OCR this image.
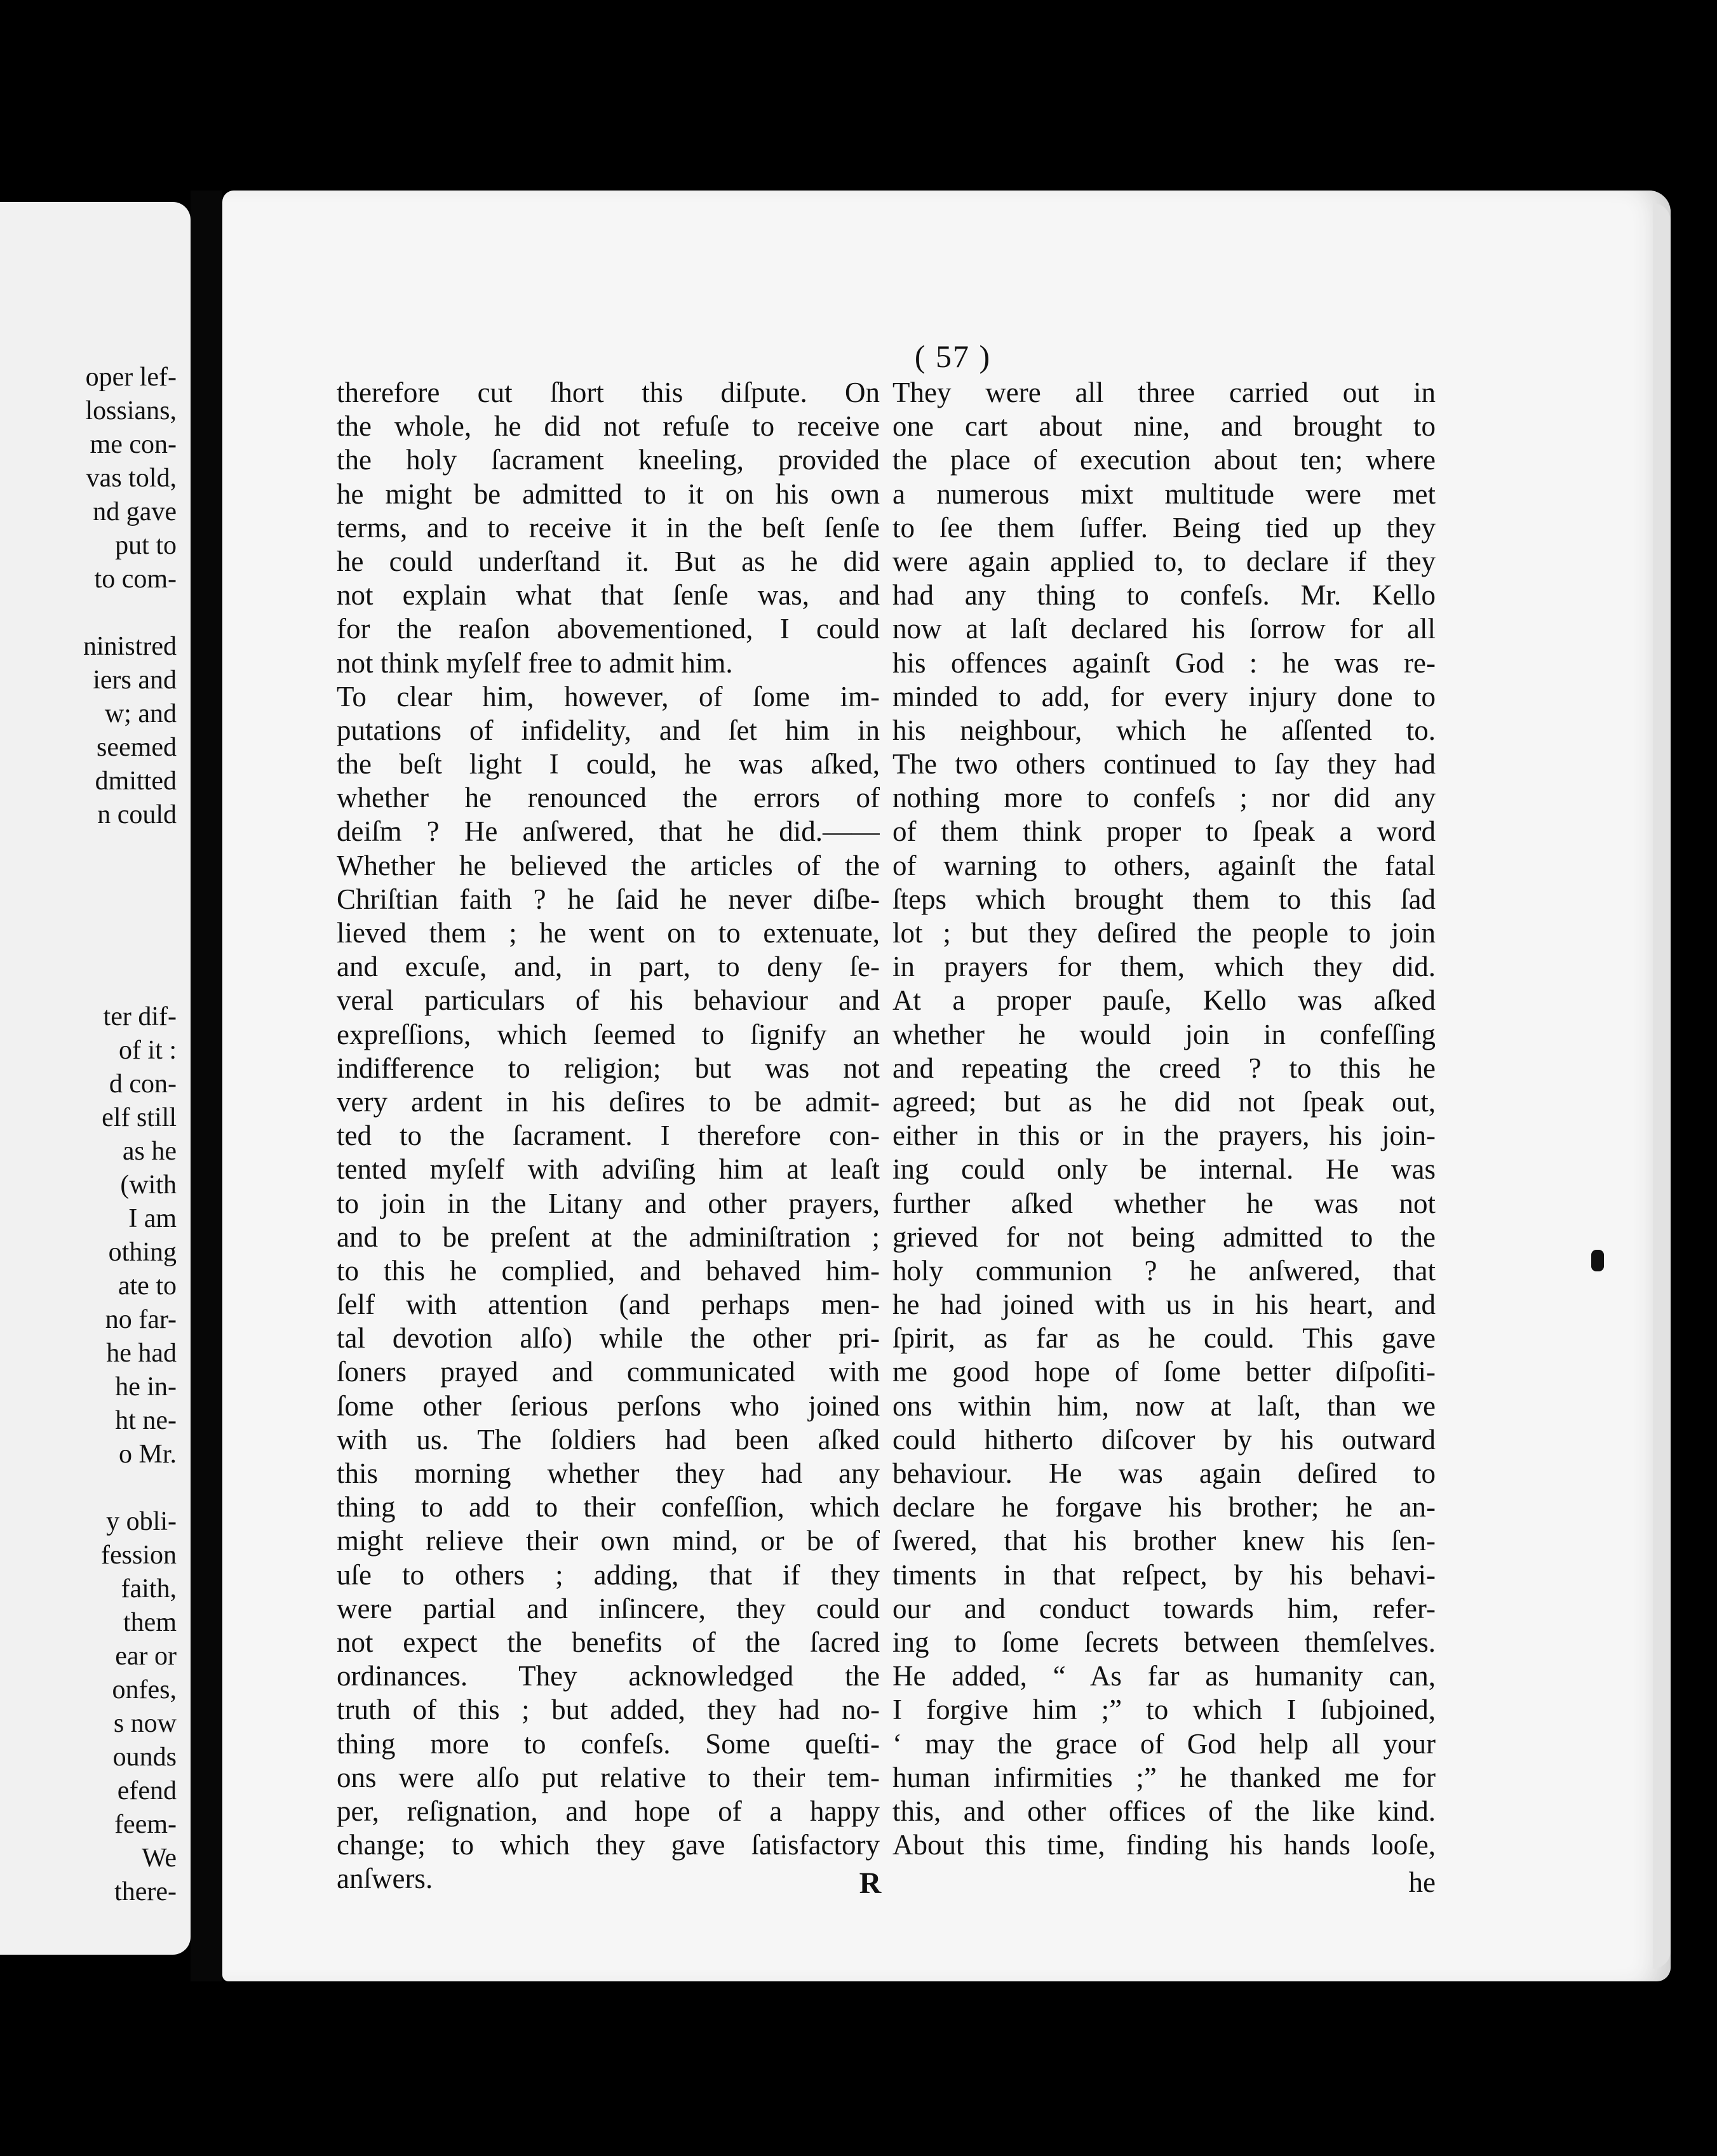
oper lef-
lossians,
me con-
vas told,
nd gave
put to
to com-
ninistred
iers and
w; and
seemed
dmitted
n could
ter dif-
of it :
d con-
elf still
as he
(with
I am
othing
ate to
no far-
he had
he in-
ht ne-
o Mr.
y obli-
fession
faith,
them
ear or
onfes,
s now
ounds
efend
feem-
We
there-
( 57 )
therefore cut ſhort this diſpute. On
the whole, he did not refuſe to receive
the holy ſacrament kneeling, provided
he might be admitted to it on his own
terms, and to receive it in the beſt ſenſe
he could underſtand it. But as he did
not explain what that ſenſe was, and
for the reaſon abovementioned, I could
not think myſelf free to admit him.
To clear him, however, of ſome im-
putations of infidelity, and ſet him in
the beſt light I could, he was aſked,
whether he renounced the errors of
deiſm ? He anſwered, that he did.——
Whether he believed the articles of the
Chriſtian faith ? he ſaid he never diſbe-
lieved them ; he went on to extenuate,
and excuſe, and, in part, to deny ſe-
veral particulars of his behaviour and
expreſſions, which ſeemed to ſignify an
indifference to religion; but was not
very ardent in his deſires to be admit-
ted to the ſacrament. I therefore con-
tented myſelf with adviſing him at leaſt
to join in the Litany and other prayers,
and to be preſent at the adminiſtration ;
to this he complied, and behaved him-
ſelf with attention (and perhaps men-
tal devotion alſo) while the other pri-
ſoners prayed and communicated with
ſome other ſerious perſons who joined
with us. The ſoldiers had been aſked
this morning whether they had any
thing to add to their confeſſion, which
might relieve their own mind, or be of
uſe to others ; adding, that if they
were partial and inſincere, they could
not expect the benefits of the ſacred
ordinances. They acknowledged the
truth of this ; but added, they had no-
thing more to confeſs. Some queſti-
ons were alſo put relative to their tem-
per, reſignation, and hope of a happy
change; to which they gave ſatisfactory
anſwers.
They were all three carried out in
one cart about nine, and brought to
the place of execution about ten; where
a numerous mixt multitude were met
to ſee them ſuffer. Being tied up they
were again applied to, to declare if they
had any thing to confeſs. Mr. Kello
now at laſt declared his ſorrow for all
his offences againſt God : he was re-
minded to add, for every injury done to
his neighbour, which he aſſented to.
The two others continued to ſay they had
nothing more to confeſs ; nor did any
of them think proper to ſpeak a word
of warning to others, againſt the fatal
ſteps which brought them to this ſad
lot ; but they deſired the people to join
in prayers for them, which they did.
At a proper pauſe, Kello was aſked
whether he would join in confeſſing
and repeating the creed ? to this he
agreed; but as he did not ſpeak out,
either in this or in the prayers, his join-
ing could only be internal. He was
further aſked whether he was not
grieved for not being admitted to the
holy communion ? he anſwered, that
he had joined with us in his heart, and
ſpirit, as far as he could. This gave
me good hope of ſome better diſpoſiti-
ons within him, now at laſt, than we
could hitherto diſcover by his outward
behaviour. He was again deſired to
declare he forgave his brother; he an-
ſwered, that his brother knew his ſen-
timents in that reſpect, by his behavi-
our and conduct towards him, refer-
ing to ſome ſecrets between themſelves.
He added, “ As far as humanity can,
I forgive him ;” to which I ſubjoined,
‘ may the grace of God help all your
human infirmities ;” he thanked me for
this, and other offices of the like kind.
About this time, finding his hands looſe,
R	he
